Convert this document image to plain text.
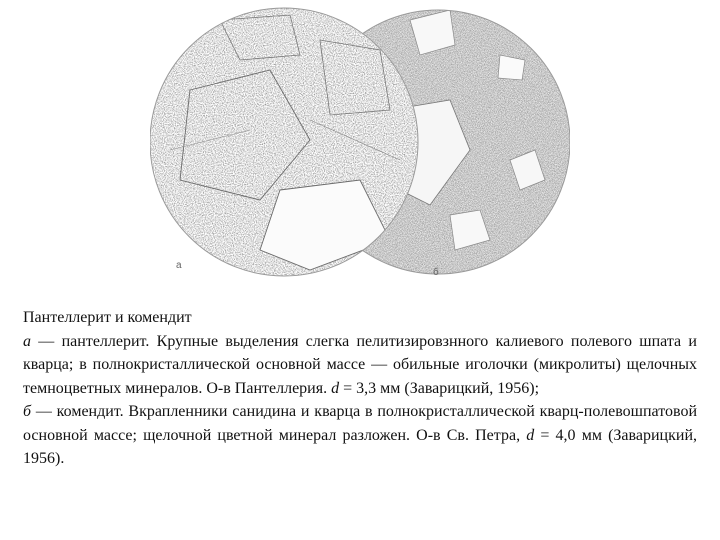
а
б
Пантеллерит и комендит
а — пантеллерит. Крупные выделения слегка пелитизировзнного калиевого полевого шпата и кварца; в полнокристаллической основной массе — обильные иголочки (микролиты) щелочных темноцветных минералов. О-в Пантеллерия. d = 3,3 мм (Заварицкий, 1956);
б — комендит. Вкрапленники санидина и кварца в полнокристаллической кварц-полевошпатовой основной массе; щелочной цветной минерал разложен. О-в Св. Петра, d = 4,0 мм (Заварицкий, 1956).
